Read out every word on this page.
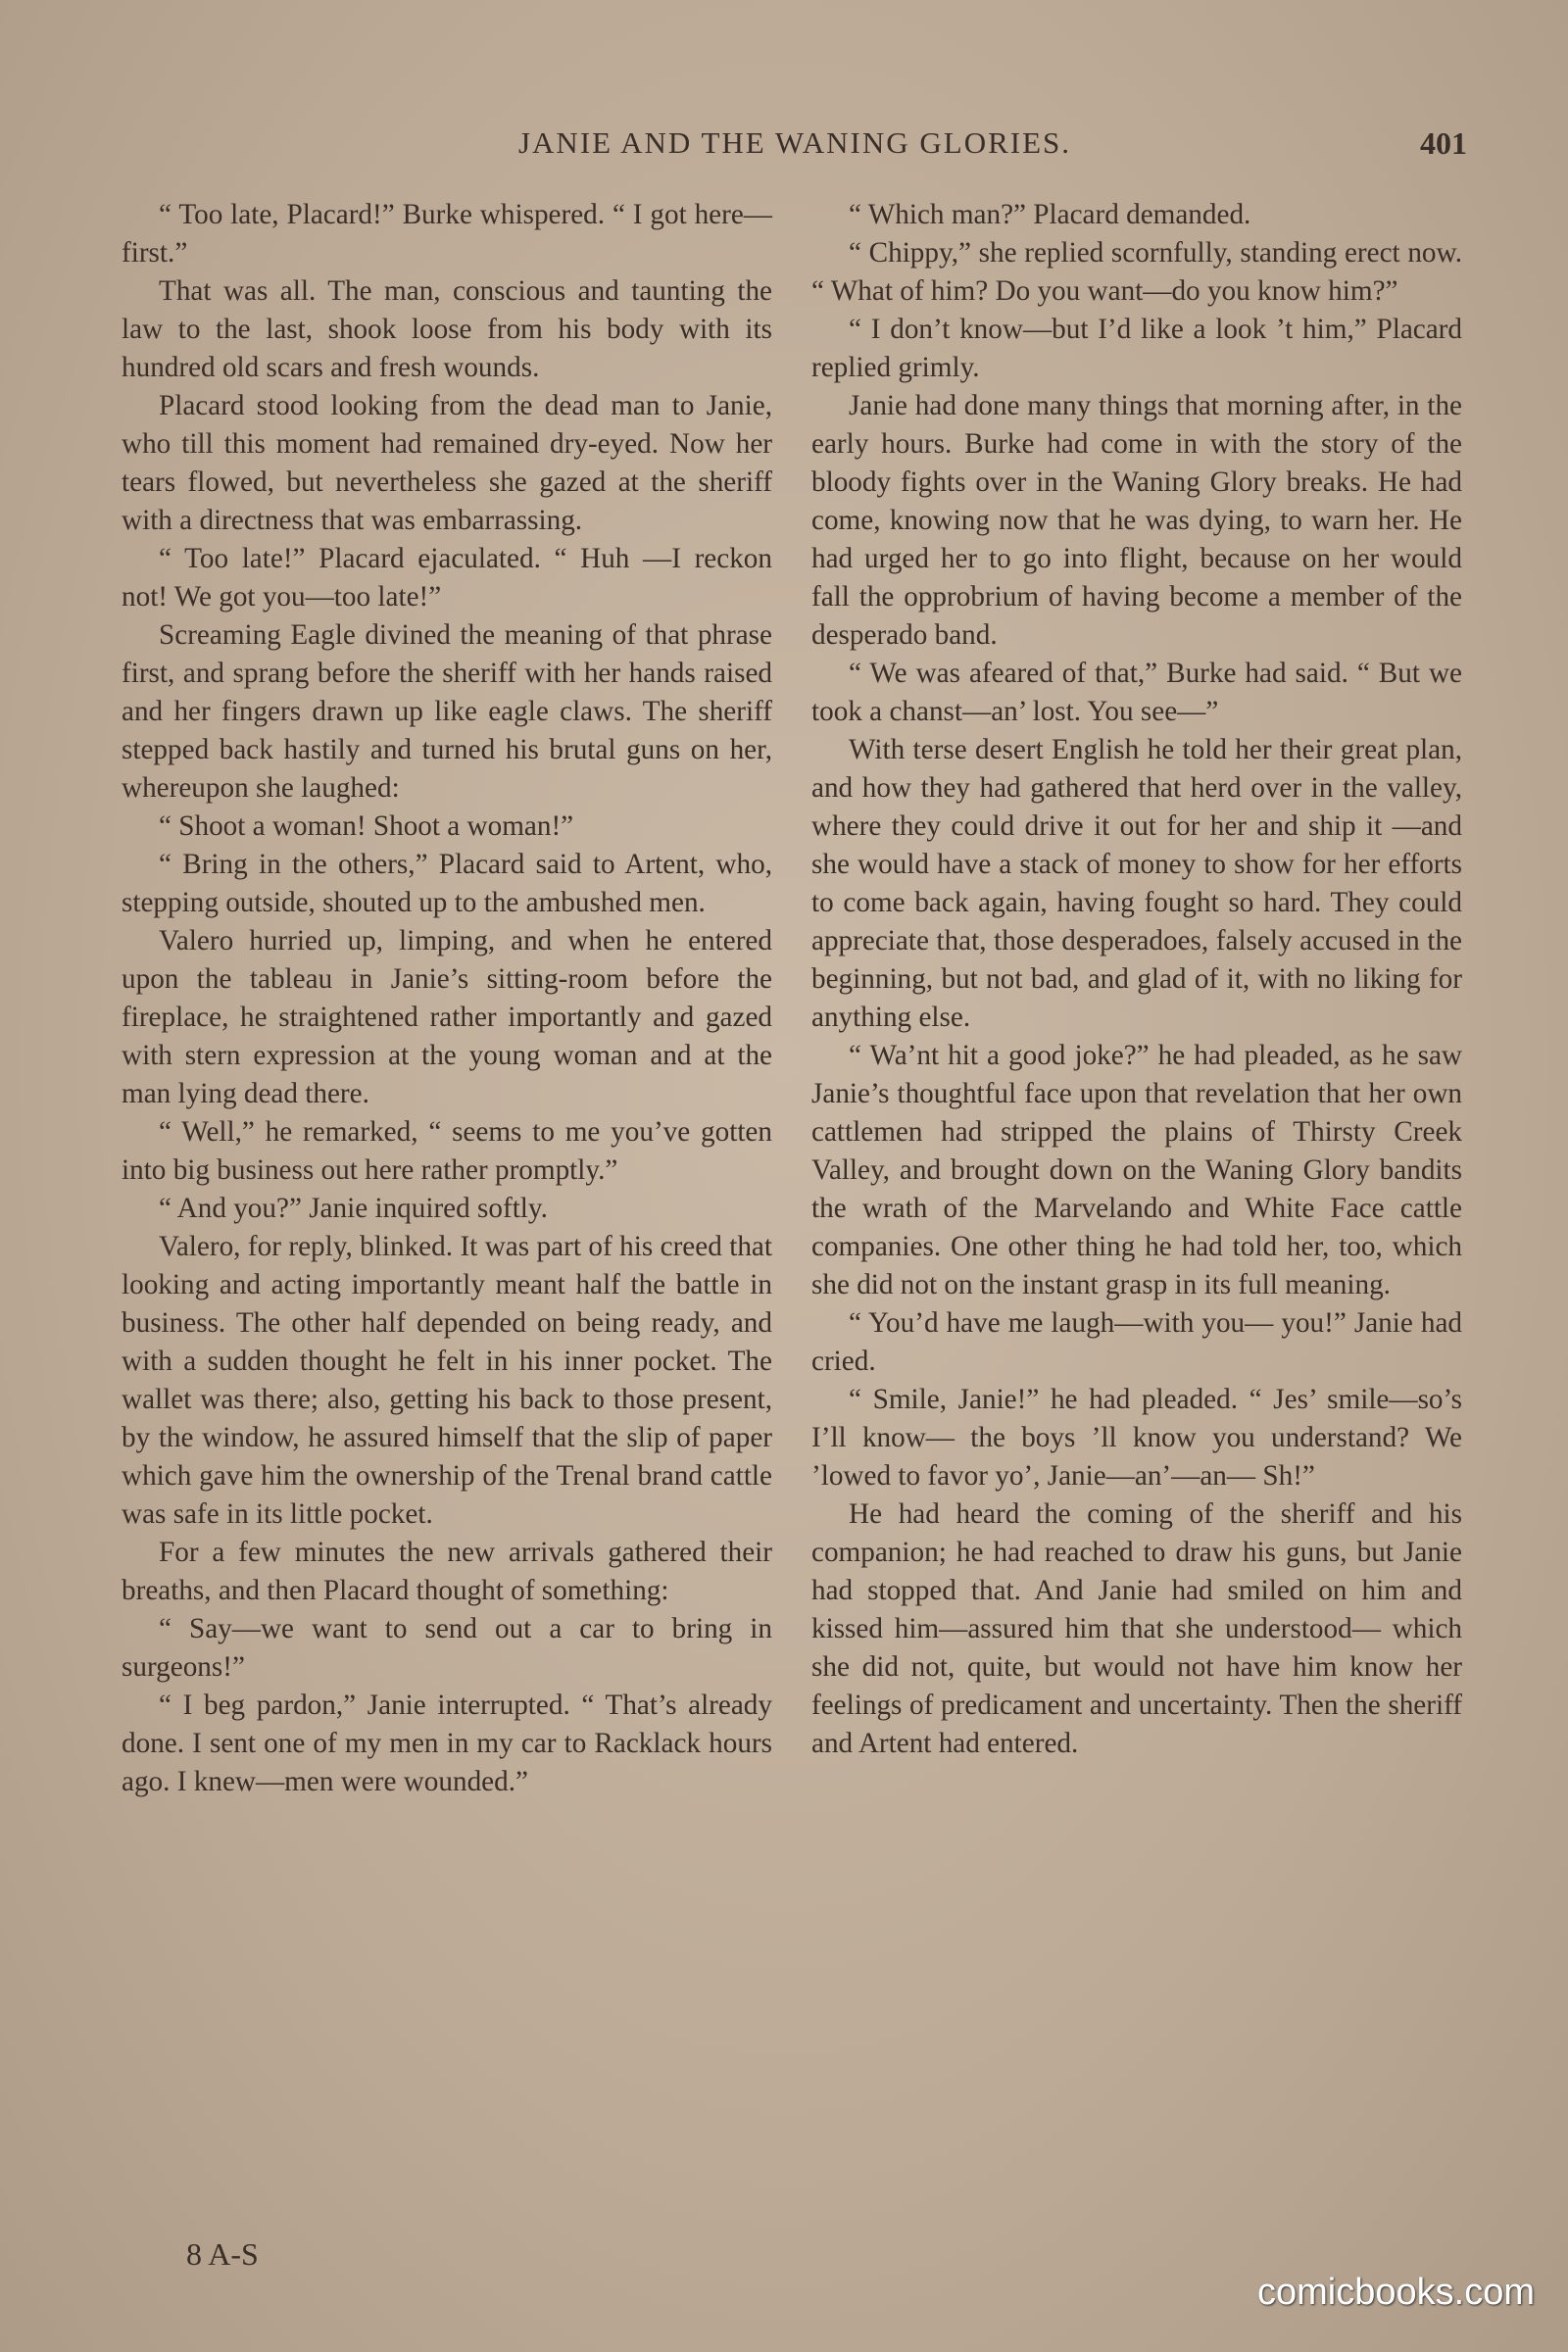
JANIE AND THE WANING GLORIES.	401

“ Too late, Placard!” Burke whispered. “ I got here—first.”

That was all. The man, conscious and taunting the law to the last, shook loose from his body with its hundred old scars and fresh wounds.

Placard stood looking from the dead man to Janie, who till this moment had remained dry-eyed. Now her tears flowed, but nevertheless she gazed at the sheriff with a directness that was embarrassing.

“ Too late!” Placard ejaculated. “ Huh —I reckon not! We got you—too late!”

Screaming Eagle divined the meaning of that phrase first, and sprang before the sheriff with her hands raised and her fingers drawn up like eagle claws. The sheriff stepped back hastily and turned his brutal guns on her, whereupon she laughed:

“ Shoot a woman! Shoot a woman!”

“ Bring in the others,” Placard said to Artent, who, stepping outside, shouted up to the ambushed men.

Valero hurried up, limping, and when he entered upon the tableau in Janie’s sitting-room before the fireplace, he straightened rather importantly and gazed with stern expression at the young woman and at the man lying dead there.

“ Well,” he remarked, “ seems to me you’ve gotten into big business out here rather promptly.”

“ And you?” Janie inquired softly.

Valero, for reply, blinked. It was part of his creed that looking and acting importantly meant half the battle in business. The other half depended on being ready, and with a sudden thought he felt in his inner pocket. The wallet was there; also, getting his back to those present, by the window, he assured himself that the slip of paper which gave him the ownership of the Trenal brand cattle was safe in its little pocket.

For a few minutes the new arrivals gathered their breaths, and then Placard thought of something:

“ Say—we want to send out a car to bring in surgeons!”

“ I beg pardon,” Janie interrupted. “ That’s already done. I sent one of my men in my car to Racklack hours ago. I knew—men were wounded.”

“ Which man?” Placard demanded.

“ Chippy,” she replied scornfully, standing erect now. “ What of him? Do you want—do you know him?”

“ I don’t know—but I’d like a look ’t him,” Placard replied grimly.

Janie had done many things that morning after, in the early hours. Burke had come in with the story of the bloody fights over in the Waning Glory breaks. He had come, knowing now that he was dying, to warn her. He had urged her to go into flight, because on her would fall the opprobrium of having become a member of the desperado band.

“ We was afeared of that,” Burke had said. “ But we took a chanst—an’ lost. You see—”

With terse desert English he told her their great plan, and how they had gathered that herd over in the valley, where they could drive it out for her and ship it —and she would have a stack of money to show for her efforts to come back again, having fought so hard. They could appreciate that, those desperadoes, falsely accused in the beginning, but not bad, and glad of it, with no liking for anything else.

“ Wa’nt hit a good joke?” he had pleaded, as he saw Janie’s thoughtful face upon that revelation that her own cattlemen had stripped the plains of Thirsty Creek Valley, and brought down on the Waning Glory bandits the wrath of the Marvelando and White Face cattle companies. One other thing he had told her, too, which she did not on the instant grasp in its full meaning.

“ You’d have me laugh—with you— you!” Janie had cried.

“ Smile, Janie!” he had pleaded. “ Jes’ smile—so’s I’ll know— the boys ’ll know you understand? We ’lowed to favor yo’, Janie—an’—an— Sh!”

He had heard the coming of the sheriff and his companion; he had reached to draw his guns, but Janie had stopped that. And Janie had smiled on him and kissed him—assured him that she understood— which she did not, quite, but would not have him know her feelings of predicament and uncertainty. Then the sheriff and Artent had entered.

8 A-S
comicbooks.com
